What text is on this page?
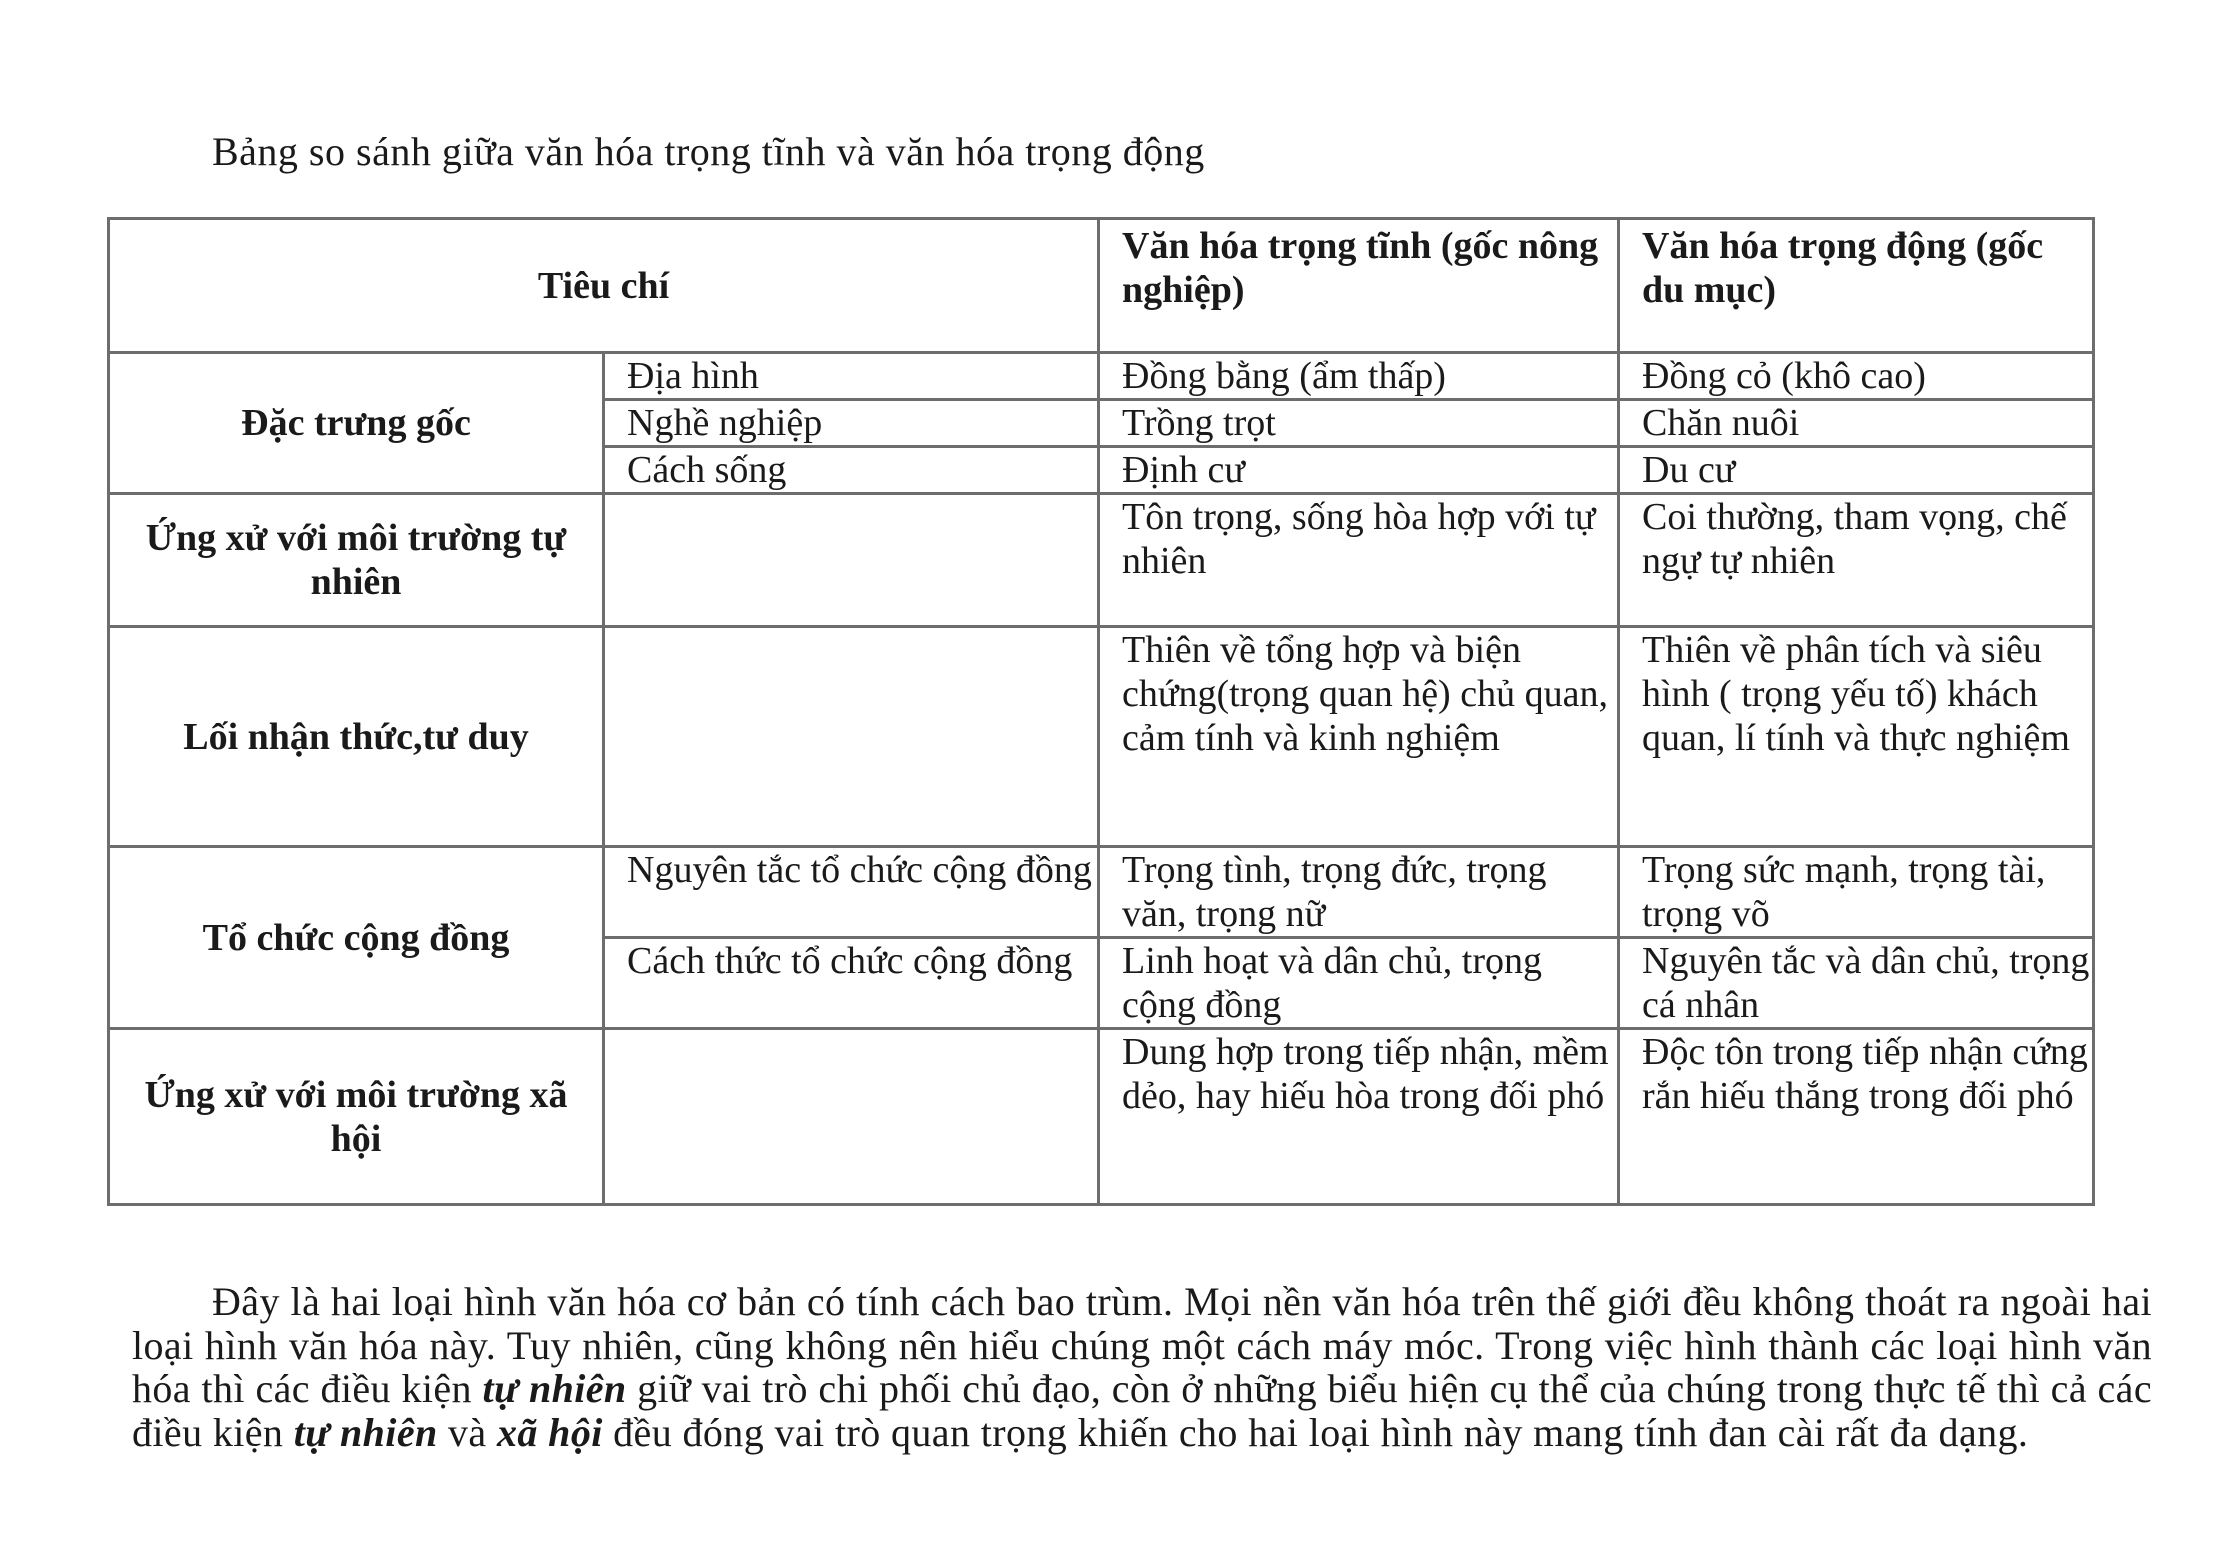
Bảng so sánh giữa văn hóa trọng tĩnh và văn hóa trọng động
Tiêu chí		Văn hóa trọng tĩnh (gốc nông nghiệp)	Văn hóa trọng động (gốc du mục)
Đặc trưng gốc	Địa hình	Đồng bằng (ẩm thấp)	Đồng cỏ (khô cao)
	Nghề nghiệp	Trồng trọt	Chăn nuôi
	Cách sống	Định cư	Du cư
Ứng xử với môi trường tự nhiên		Tôn trọng, sống hòa hợp với tự nhiên	Coi thường, tham vọng, chế ngự tự nhiên
Lối nhận thức,tư duy		Thiên về tổng hợp và biện chứng(trọng quan hệ) chủ quan, cảm tính và kinh nghiệm	Thiên về phân tích và siêu hình ( trọng yếu tố) khách quan, lí tính và thực nghiệm
Tổ chức cộng đồng	Nguyên tắc tổ chức cộng đồng	Trọng tình, trọng đức, trọng văn, trọng nữ	Trọng sức mạnh, trọng tài, trọng võ
	Cách thức tổ chức cộng đồng	Linh hoạt và dân chủ, trọng cộng đồng	Nguyên tắc và dân chủ, trọng cá nhân
Ứng xử với môi trường xã hội		Dung hợp trong tiếp nhận, mềm dẻo, hay hiếu hòa trong đối phó	Độc tôn trong tiếp nhận cứng rắn hiếu thắng trong đối phó
Đây là hai loại hình văn hóa cơ bản có tính cách bao trùm. Mọi nền văn hóa trên thế giới đều không thoát ra ngoài hai loại hình văn hóa này. Tuy nhiên, cũng không nên hiểu chúng một cách máy móc. Trong việc hình thành các loại hình văn hóa thì các điều kiện tự nhiên giữ vai trò chi phối chủ đạo, còn ở những biểu hiện cụ thể của chúng trong thực tế thì cả các điều kiện tự nhiên và xã hội đều đóng vai trò quan trọng khiến cho hai loại hình này mang tính đan cài rất đa dạng.
